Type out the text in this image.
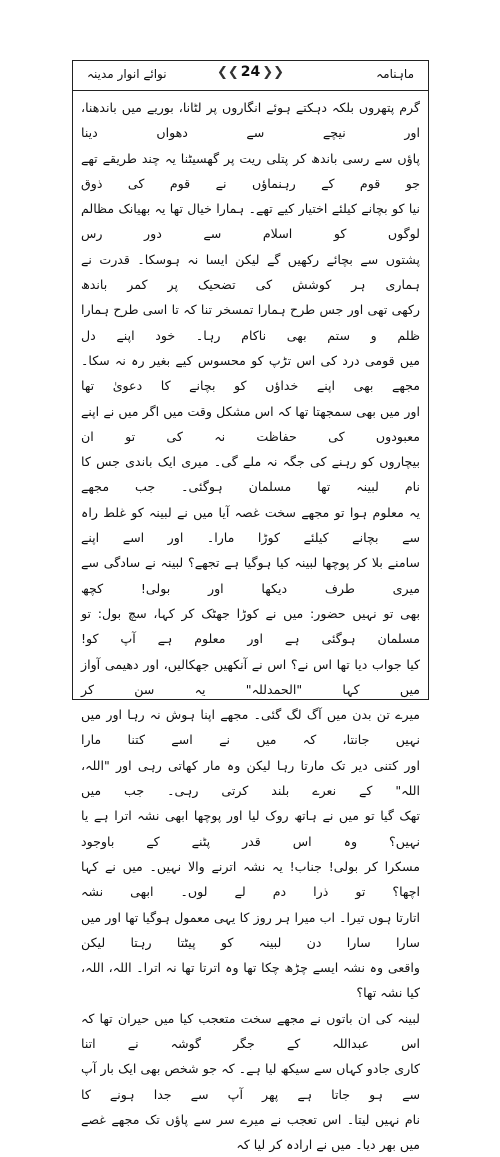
نوائے انوار مدینہ	❮❮ 24 ❯❯	ماہنامہ

گرم پتھروں بلکہ دہکتے ہوئے انگاروں پر لٹانا، بوریے میں باندھنا، اور نیچے سے دھواں دینا

پاؤں سے رسی باندھ کر پتلی ریت پر گھسیٹنا یہ چند طریقے تھے جو قوم کے رہنماؤں نے قوم کی ذوق

نیا کو بچانے کیلئے اختیار کیے تھے۔ ہمارا خیال تھا یہ بھیانک مظالم لوگوں کو اسلام سے دور رس

پشتوں سے بچائے رکھیں گے لیکن ایسا نہ ہوسکا۔ قدرت نے ہماری ہر کوشش کی تضحیک پر کمر باندھ

رکھی تھی اور جس طرح ہمارا تمسخر تنا کہ تا اسی طرح ہمارا ظلم و ستم بھی ناکام رہا۔ خود اپنے دل

میں قومی درد کی اس تڑپ کو محسوس کیے بغیر رہ نہ سکا۔ مجھے بھی اپنے خداؤں کو بچانے کا دعویٰ تھا

اور میں بھی سمجھتا تھا کہ اس مشکل وقت میں اگر میں نے اپنے معبودوں کی حفاظت نہ کی تو ان

بیچاروں کو رہنے کی جگہ نہ ملے گی۔ میری ایک باندی جس کا نام لبینہ تھا مسلمان ہوگئی۔ جب مجھے

یہ معلوم ہوا تو مجھے سخت غصہ آیا میں نے لبینہ کو غلط راہ سے بچانے کیلئے کوڑا مارا۔ اور اسے اپنے

سامنے بلا کر پوچھا لبینہ کیا ہوگیا ہے تجھے؟ لبینہ نے سادگی سے میری طرف دیکھا اور بولی! کچھ

بھی تو نہیں حضور: میں نے کوڑا جھٹک کر کہا، سچ بول: تو مسلمان ہوگئی ہے اور معلوم ہے آپ کو!

کیا جواب دیا تھا اس نے؟ اس نے آنکھیں جھکالیں، اور دھیمی آواز میں کہا "الحمدللہ" یہ سن کر

میرے تن بدن میں آگ لگ گئی۔ مجھے اپنا ہوش نہ رہا اور میں نہیں جانتا، کہ میں نے اسے کتنا مارا

اور کتنی دیر تک مارتا رہا لیکن وہ مار کھاتی رہی اور "اللہ، اللہ" کے نعرے بلند کرتی رہی۔ جب میں

تھک گیا تو میں نے ہاتھ روک لیا اور پوچھا ابھی نشہ اترا ہے یا نہیں؟ وہ اس قدر پٹنے کے باوجود

مسکرا کر بولی! جناب! یہ نشہ اترنے والا نہیں۔ میں نے کہا اچھا؟ تو ذرا دم لے لوں۔ ابھی نشہ

اتارتا ہوں تیرا۔ اب میرا ہر روز کا یہی معمول ہوگیا تھا اور میں سارا سارا دن لبینہ کو پیٹتا رہتا لیکن

واقعی وہ نشہ ایسے چڑھ چکا تھا وہ اترتا تھا نہ اترا۔ اللہ، اللہ، کیا نشہ تھا؟

لبینہ کی ان باتوں نے مجھے سخت متعجب کیا میں حیران تھا کہ اس عبداللہ کے جگر گوشہ نے اتنا

کاری جادو کہاں سے سیکھ لیا ہے۔ کہ جو شخص بھی ایک بار آپ سے ہو جاتا ہے پھر آپ سے جدا ہونے کا

نام نہیں لیتا۔ اس تعجب نے میرے سر سے پاؤں تک مجھے غصے میں بھر دیا۔ میں نے ارادہ کر لیا کہ
